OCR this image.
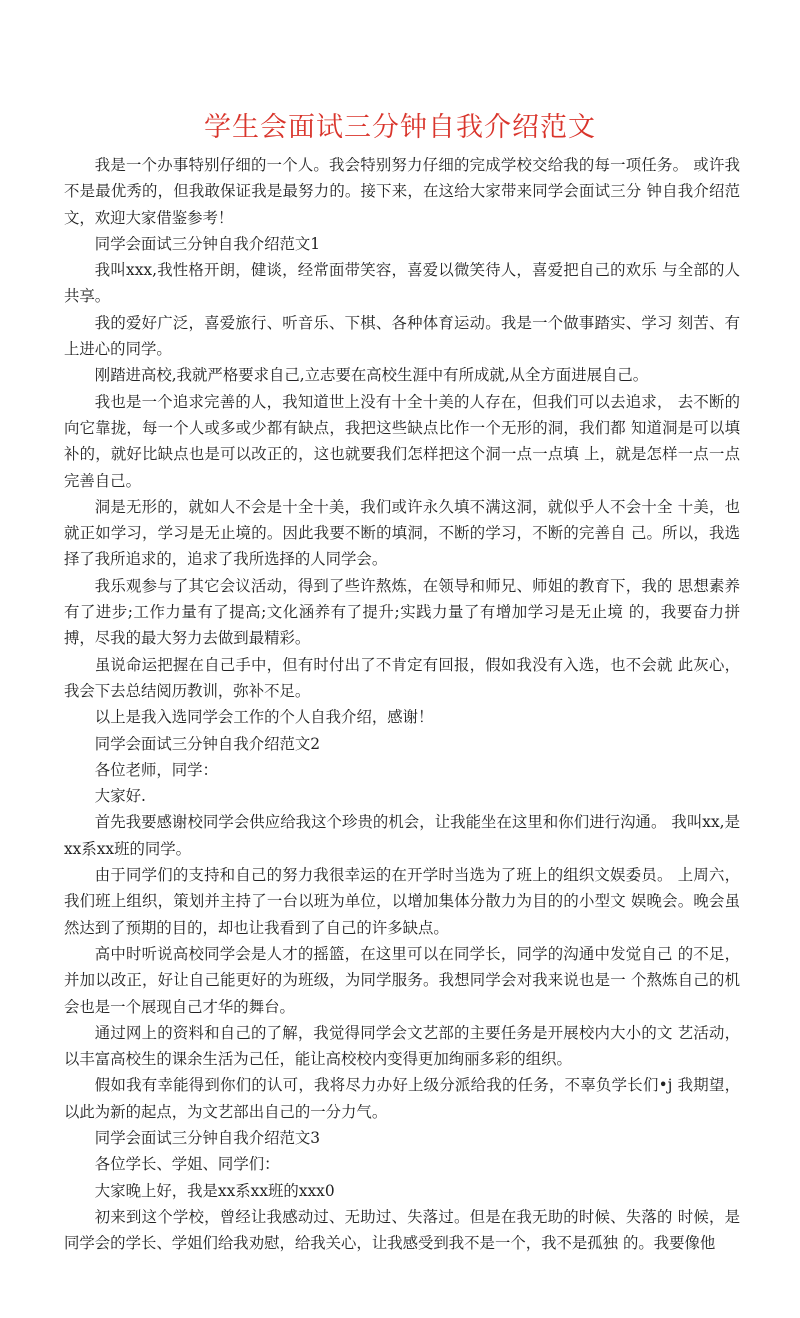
学生会面试三分钟自我介绍范文

我是一个办事特别仔细的一个人。我会特别努力仔细的完成学校交给我的每一项任务。 或许我不是最优秀的，但我敢保证我是最努力的。接下来，在这给大家带来同学会面试三分 钟自我介绍范文，欢迎大家借鉴参考！

同学会面试三分钟自我介绍范文1

我叫xxx,我性格开朗，健谈，经常面带笑容，喜爱以微笑待人，喜爱把自己的欢乐 与全部的人共享。

我的爱好广泛，喜爱旅行、听音乐、下棋、各种体育运动。我是一个做事踏实、学习 刻苦、有上进心的同学。

刚踏进高校,我就严格要求自己,立志要在高校生涯中有所成就,从全方面进展自己。

我也是一个追求完善的人，我知道世上没有十全十美的人存在，但我们可以去追求， 去不断的向它靠拢，每一个人或多或少都有缺点，我把这些缺点比作一个无形的洞，我们都 知道洞是可以填补的，就好比缺点也是可以改正的，这也就要我们怎样把这个洞一点一点填 上，就是怎样一点一点完善自己。

洞是无形的，就如人不会是十全十美，我们或许永久填不满这洞，就似乎人不会十全 十美，也就正如学习，学习是无止境的。因此我要不断的填洞，不断的学习，不断的完善自 己。所以，我选择了我所追求的，追求了我所选择的人同学会。

我乐观参与了其它会议活动，得到了些许熬炼，在领导和师兄、师姐的教育下，我的 思想素养有了进步;工作力量有了提高;文化涵养有了提升;实践力量了有增加学习是无止境 的，我要奋力拼搏，尽我的最大努力去做到最精彩。

虽说命运把握在自己手中，但有时付出了不肯定有回报，假如我没有入选，也不会就 此灰心，我会下去总结阅历教训，弥补不足。

以上是我入选同学会工作的个人自我介绍，感谢！

同学会面试三分钟自我介绍范文2

各位老师，同学：

大家好.

首先我要感谢校同学会供应给我这个珍贵的机会，让我能坐在这里和你们进行沟通。 我叫xx,是xx系xx班的同学。

由于同学们的支持和自己的努力我很幸运的在开学时当选为了班上的组织文娱委员。 上周六，我们班上组织，策划并主持了一台以班为单位，以增加集体分散力为目的的小型文 娱晚会。晚会虽然达到了预期的目的，却也让我看到了自己的许多缺点。

高中时听说高校同学会是人才的摇篮，在这里可以在同学长，同学的沟通中发觉自己 的不足，并加以改正，好让自己能更好的为班级，为同学服务。我想同学会对我来说也是一 个熬炼自己的机会也是一个展现自己才华的舞台。

通过网上的资料和自己的了解，我觉得同学会文艺部的主要任务是开展校内大小的文 艺活动，以丰富高校生的课余生活为己任，能让高校校内变得更加绚丽多彩的组织。

假如我有幸能得到你们的认可，我将尽力办好上级分派给我的任务，不辜负学长们•j 我期望，以此为新的起点，为文艺部出自己的一分力气。

同学会面试三分钟自我介绍范文3

各位学长、学姐、同学们：

大家晚上好，我是xx系xx班的xxx0

初来到这个学校，曾经让我感动过、无助过、失落过。但是在我无助的时候、失落的 时候，是同学会的学长、学姐们给我劝慰，给我关心，让我感受到我不是一个，我不是孤独 的。我要像他
